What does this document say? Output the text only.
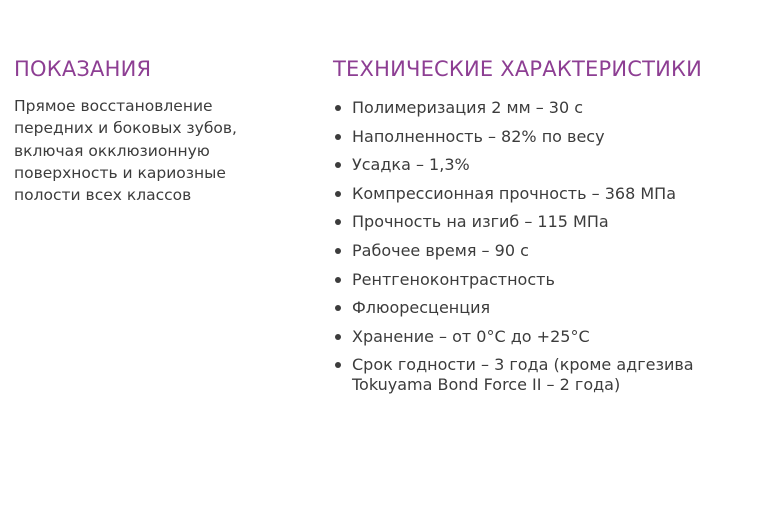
ПОКАЗАНИЯ

Прямое восстановление
передних и боковых зубов,
включая окклюзионную
поверхность и кариозные
полости всех классов

ТЕХНИЧЕСКИЕ ХАРАКТЕРИСТИКИ
Полимеризация 2 мм – 30 с
Наполненность – 82% по весу
Усадка – 1,3%
Компрессионная прочность – 368 МПа
Прочность на изгиб – 115 МПа
Рабочее время – 90 с
Рентгеноконтрастность
Флюоресценция
Хранение – от 0°С до +25°С
Срок годности – 3 года (кроме адгезива Tokuyama Bond Force II – 2 года)
